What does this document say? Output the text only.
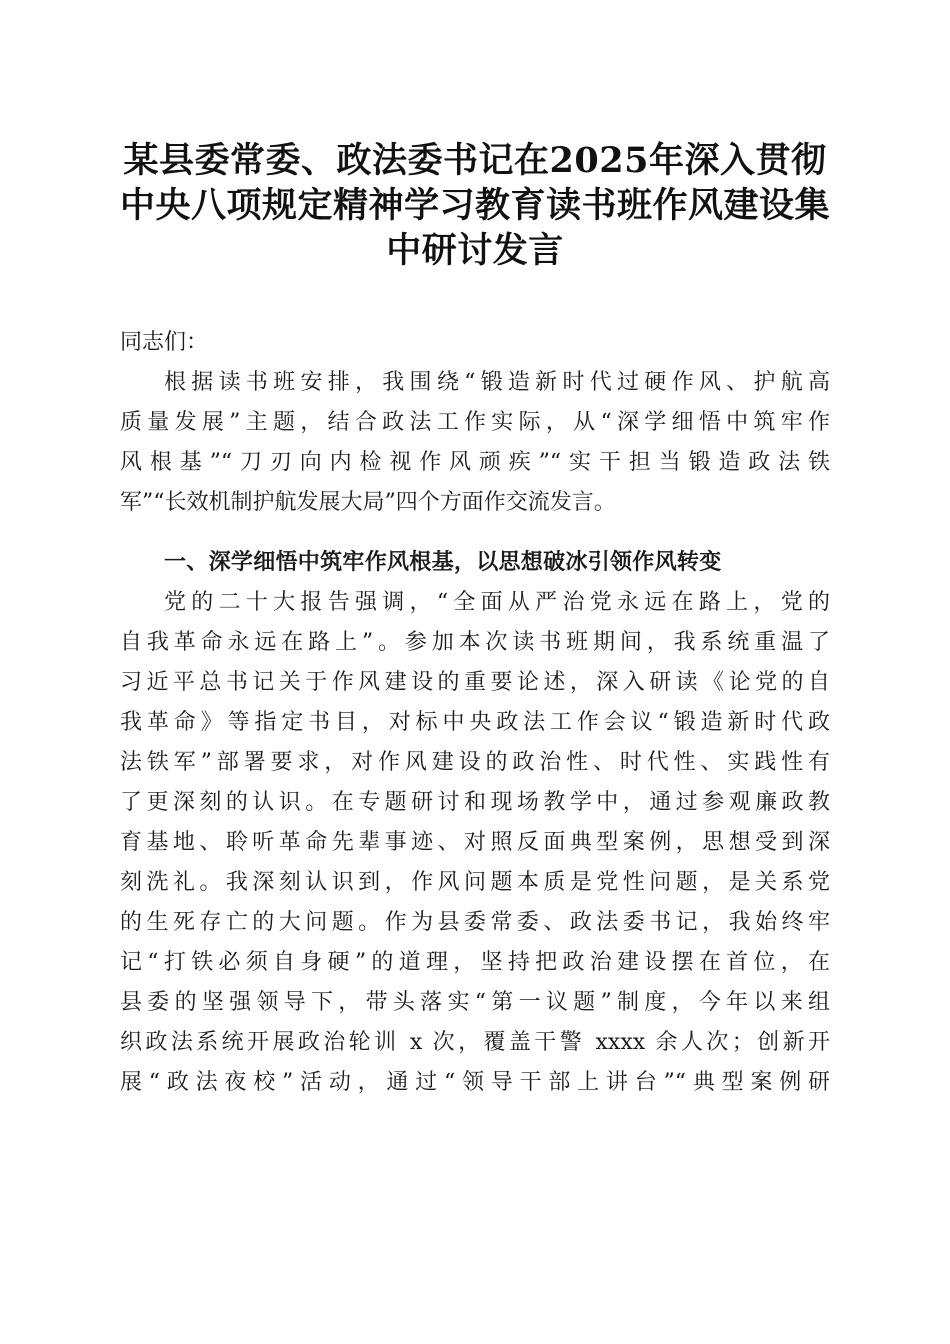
某县委常委、政法委书记在2025年深入贯彻
中央八项规定精神学习教育读书班作风建设集
中研讨发言
同志们：
根据读书班安排，我围绕“锻造新时代过硬作风、护航高
质量发展”主题，结合政法工作实际，从“深学细悟中筑牢作
风根基”“刀刃向内检视作风顽疾”“实干担当锻造政法铁
军”“长效机制护航发展大局”四个方面作交流发言。
一、深学细悟中筑牢作风根基，以思想破冰引领作风转变
党的二十大报告强调，“全面从严治党永远在路上，党的
自我革命永远在路上”。参加本次读书班期间，我系统重温了
习近平总书记关于作风建设的重要论述，深入研读《论党的自
我革命》等指定书目，对标中央政法工作会议“锻造新时代政
法铁军”部署要求，对作风建设的政治性、时代性、实践性有
了更深刻的认识。在专题研讨和现场教学中，通过参观廉政教
育基地、聆听革命先辈事迹、对照反面典型案例，思想受到深
刻洗礼。我深刻认识到，作风问题本质是党性问题，是关系党
的生死存亡的大问题。作为县委常委、政法委书记，我始终牢
记“打铁必须自身硬”的道理，坚持把政治建设摆在首位，在
县委的坚强领导下，带头落实“第一议题”制度，今年以来组
织政法系统开展政治轮训 x 次，覆盖干警 xxxx 余人次；创新开
展“政法夜校”活动，通过“领导干部上讲台”“典型案例研
